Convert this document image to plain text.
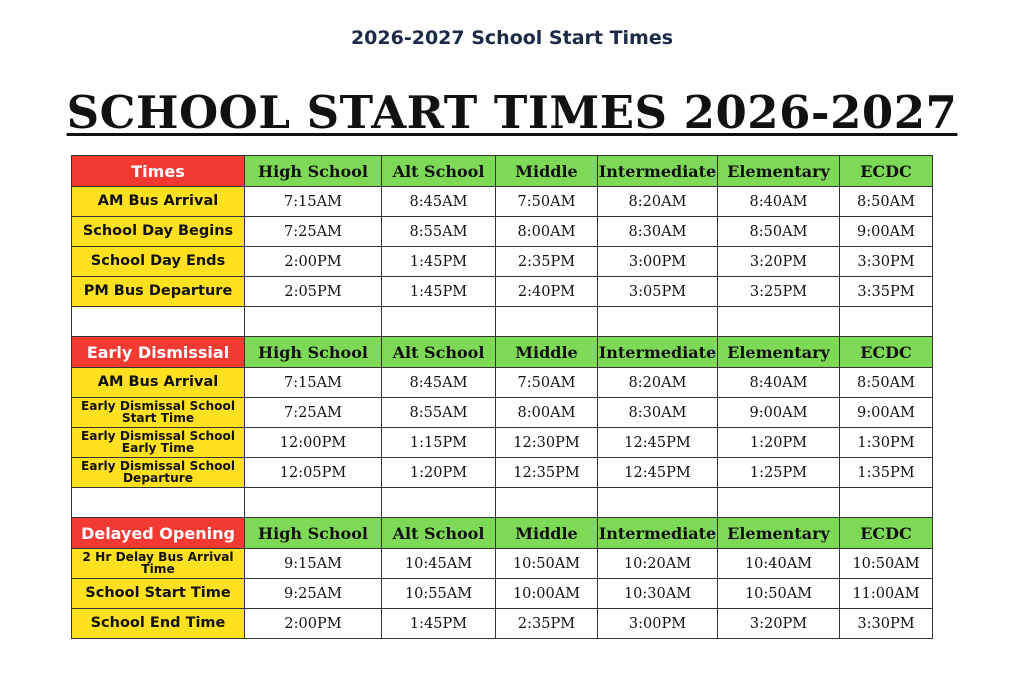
2026-2027 School Start Times
SCHOOL START TIMES 2026-2027
Times	High School	Alt School	Middle	Intermediate	Elementary	ECDC
AM Bus Arrival	7:15AM	8:45AM	7:50AM	8:20AM	8:40AM	8:50AM
School Day Begins	7:25AM	8:55AM	8:00AM	8:30AM	8:50AM	9:00AM
School Day Ends	2:00PM	1:45PM	2:35PM	3:00PM	3:20PM	3:30PM
PM Bus Departure	2:05PM	1:45PM	2:40PM	3:05PM	3:25PM	3:35PM

Early Dismissial	High School	Alt School	Middle	Intermediate	Elementary	ECDC
AM Bus Arrival	7:15AM	8:45AM	7:50AM	8:20AM	8:40AM	8:50AM
Early Dismissal School Start Time	7:25AM	8:55AM	8:00AM	8:30AM	9:00AM	9:00AM
Early Dismissal School Early Time	12:00PM	1:15PM	12:30PM	12:45PM	1:20PM	1:30PM
Early Dismissal School Departure	12:05PM	1:20PM	12:35PM	12:45PM	1:25PM	1:35PM

Delayed Opening	High School	Alt School	Middle	Intermediate	Elementary	ECDC
2 Hr Delay Bus Arrival Time	9:15AM	10:45AM	10:50AM	10:20AM	10:40AM	10:50AM
School Start Time	9:25AM	10:55AM	10:00AM	10:30AM	10:50AM	11:00AM
School End Time	2:00PM	1:45PM	2:35PM	3:00PM	3:20PM	3:30PM
